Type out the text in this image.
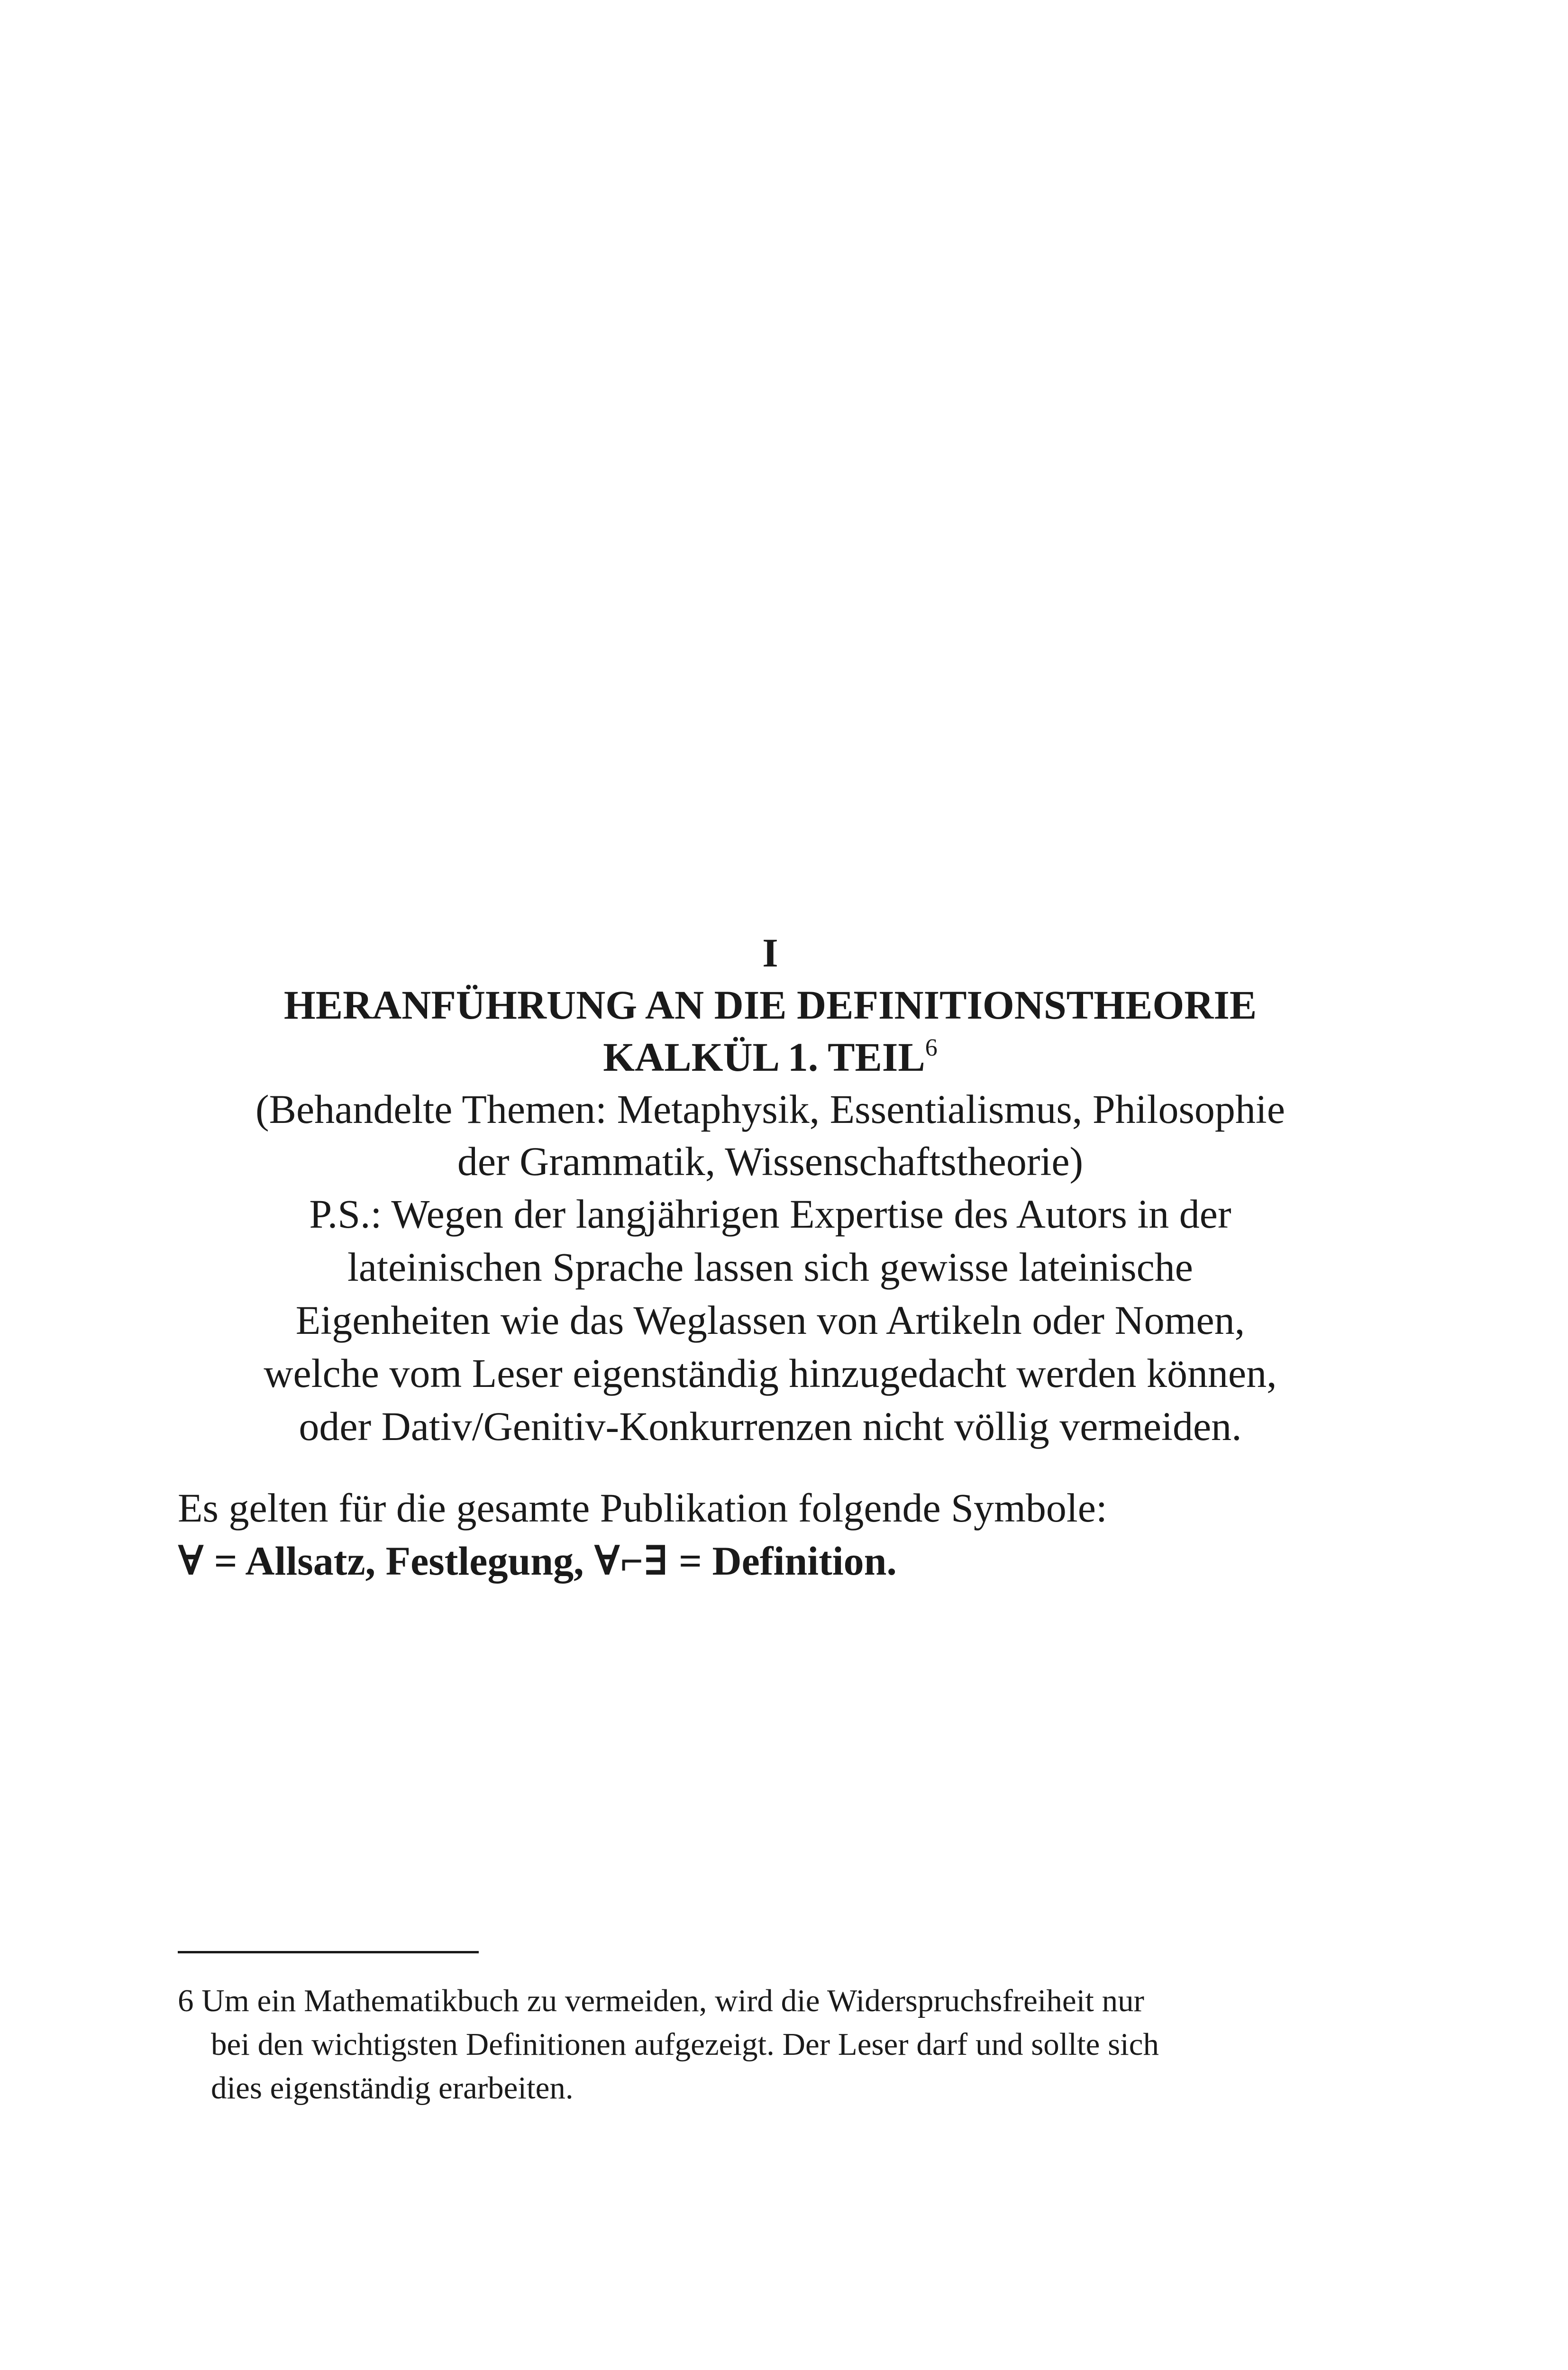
I

HERANFÜHRUNG AN DIE DEFINITIONSTHEORIE

KALKÜL 1. TEIL$^6$

(Behandelte Themen: Metaphysik, Essentialismus, Philosophie
der Grammatik, Wissenschaftstheorie)

P.S.: Wegen der langjährigen Expertise des Autors in der
lateinischen Sprache lassen sich gewisse lateinische
Eigenheiten wie das Weglassen von Artikeln oder Nomen,
welche vom Leser eigenständig hinzugedacht werden können,
oder Dativ/Genitiv-Konkurrenzen nicht völlig vermeiden.

Es gelten für die gesamte Publikation folgende Symbole:

∀ = Allsatz, Festlegung, ∀⌐∃ = Definition.

6 Um ein Mathematikbuch zu vermeiden, wird die Widerspruchsfreiheit nur
bei den wichtigsten Definitionen aufgezeigt. Der Leser darf und sollte sich
dies eigenständig erarbeiten.
